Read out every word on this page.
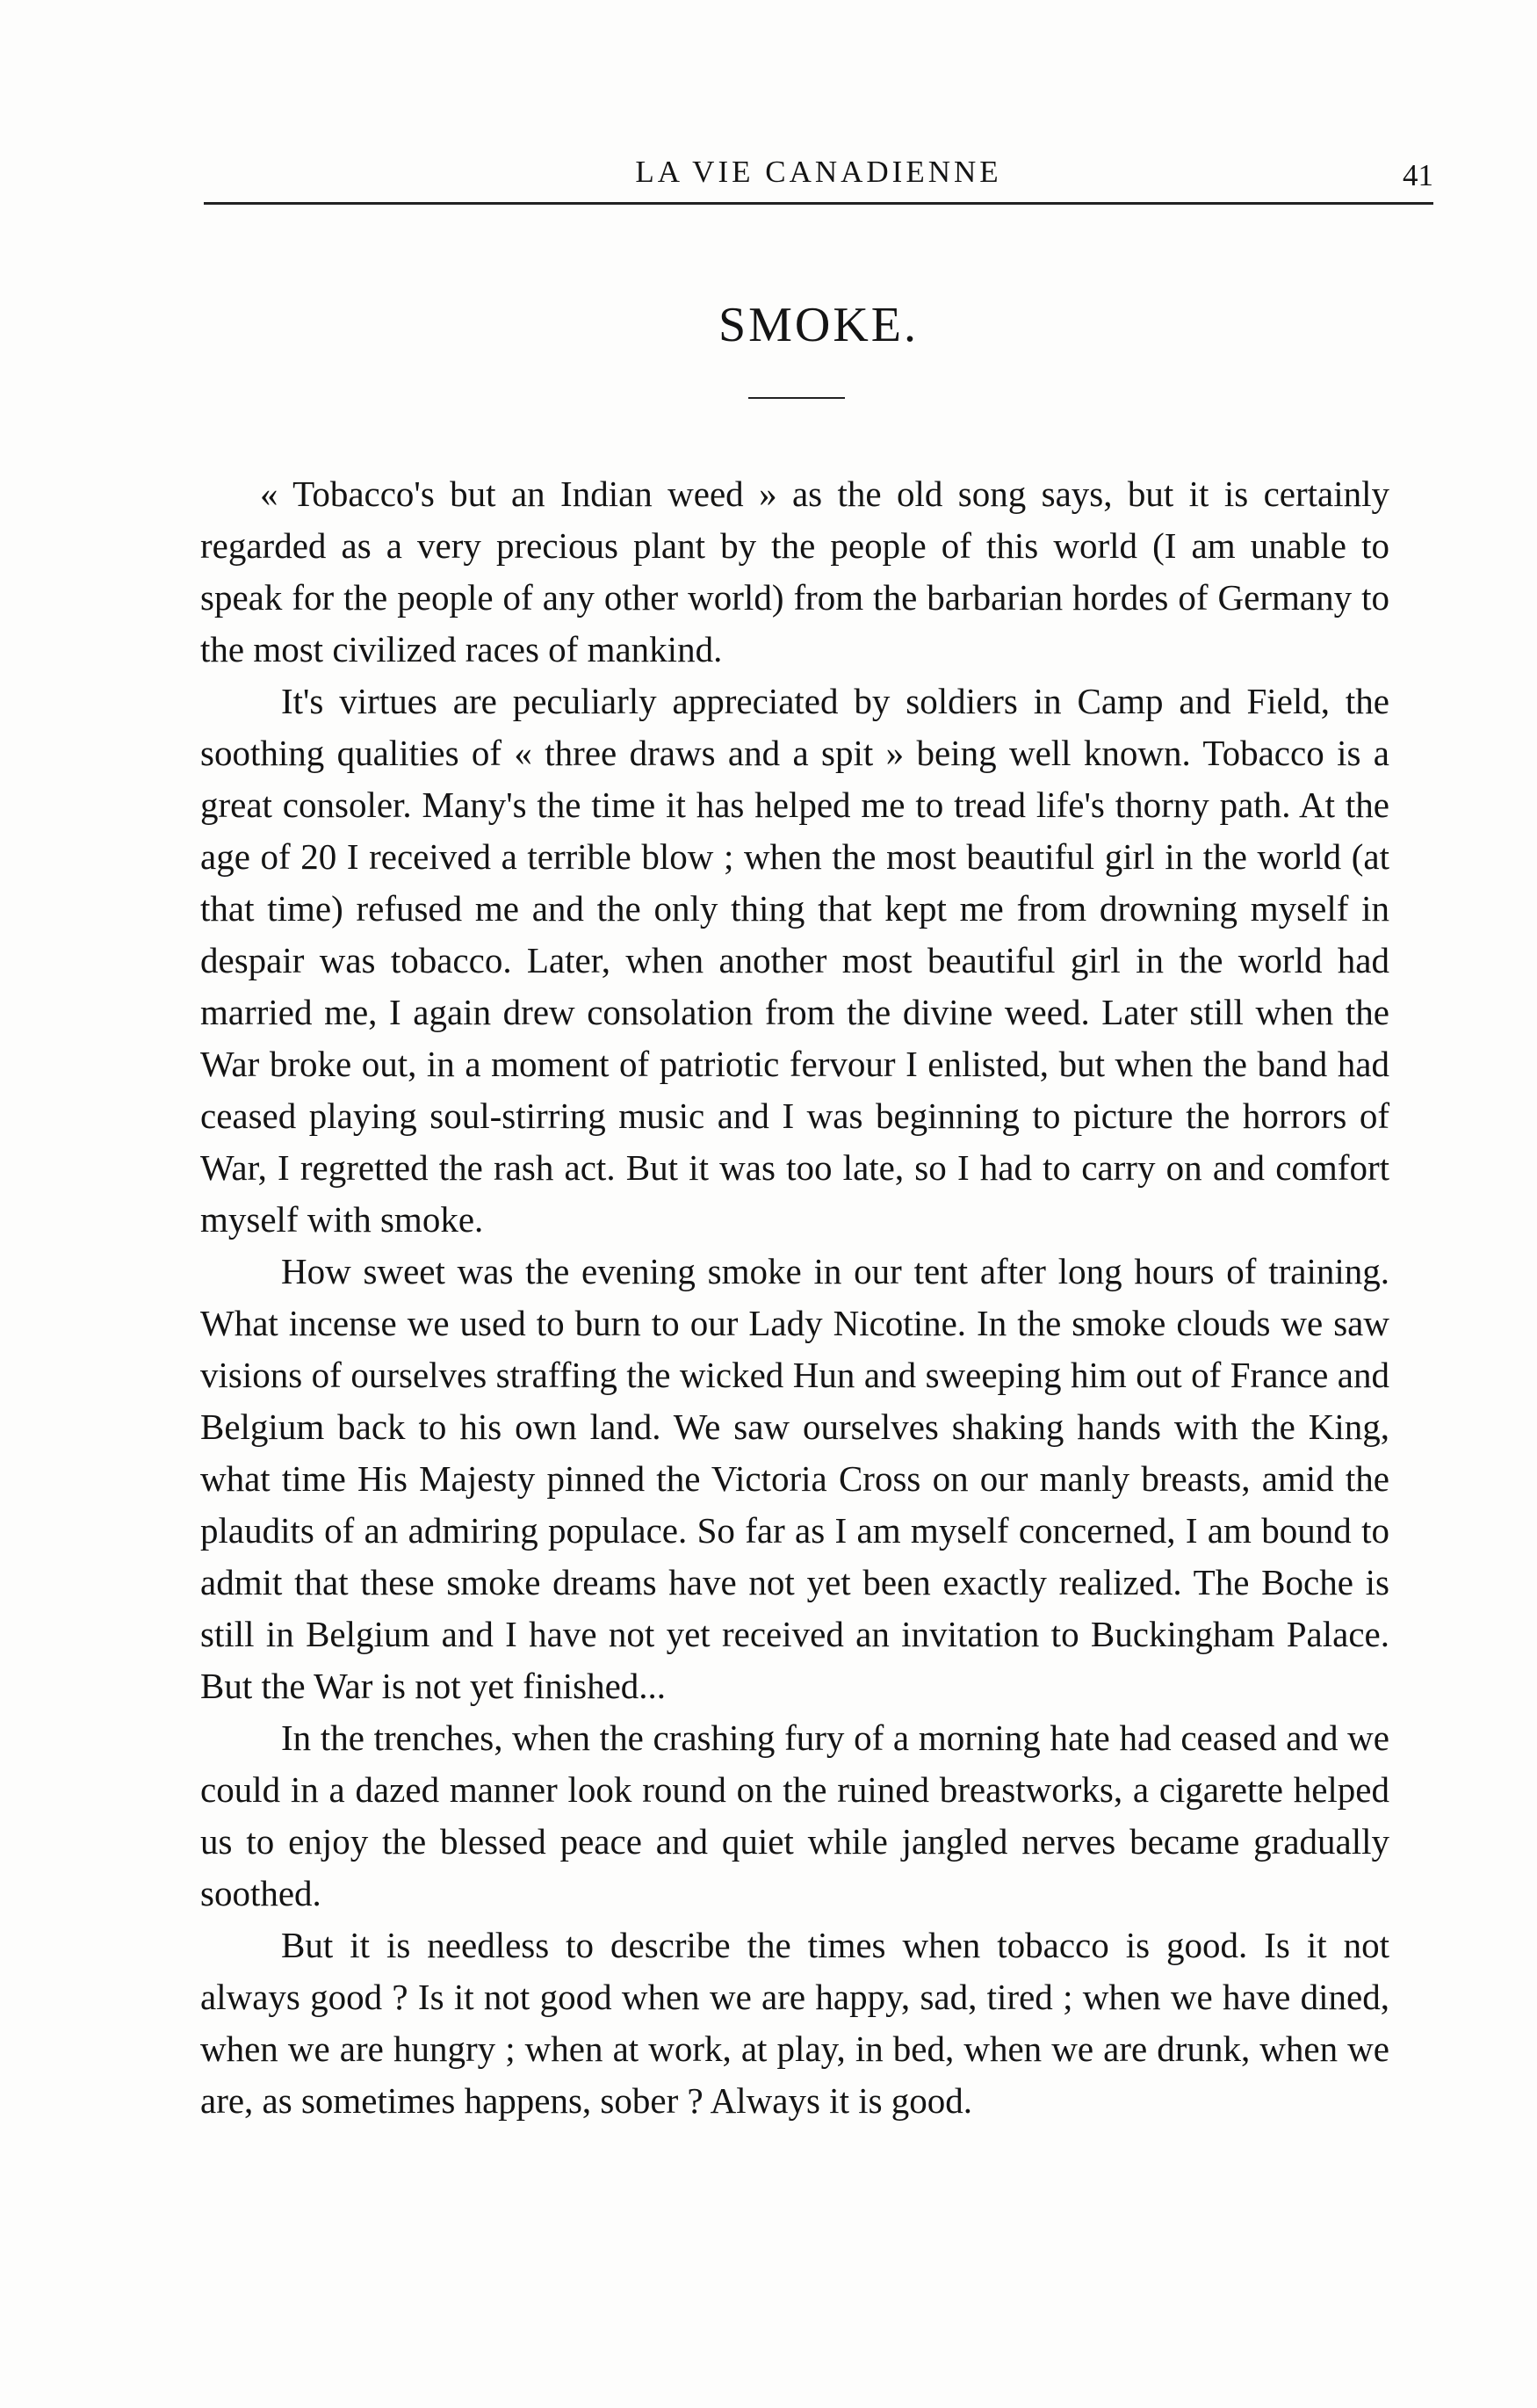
LA VIE CANADIENNE	41
SMOKE.

« Tobacco's but an Indian weed » as the old song says, but it is certainly regarded as a very precious plant by the people of this world (I am unable to speak for the people of any other world) from the barbarian hordes of Germany to the most civilized races of mankind.

It's virtues are peculiarly appreciated by soldiers in Camp and Field, the soothing qualities of « three draws and a spit » being well known. Tobacco is a great consoler. Many's the time it has helped me to tread life's thorny path. At the age of 20 I received a terrible blow ; when the most beautiful girl in the world (at that time) refused me and the only thing that kept me from drowning myself in despair was tobacco. Later, when another most beautiful girl in the world had married me, I again drew consolation from the divine weed. Later still when the War broke out, in a moment of patriotic fervour I enlisted, but when the band had ceased playing soul-stirring music and I was beginning to picture the horrors of War, I regretted the rash act. But it was too late, so I had to carry on and comfort myself with smoke.

How sweet was the evening smoke in our tent after long hours of training. What incense we used to burn to our Lady Nicotine. In the smoke clouds we saw visions of ourselves straffing the wicked Hun and sweeping him out of France and Belgium back to his own land. We saw ourselves shaking hands with the King, what time His Majesty pinned the Victoria Cross on our manly breasts, amid the plaudits of an admiring populace. So far as I am myself concerned, I am bound to admit that these smoke dreams have not yet been exactly realized. The Boche is still in Belgium and I have not yet received an invitation to Buckingham Palace. But the War is not yet finished...

In the trenches, when the crashing fury of a morning hate had ceased and we could in a dazed manner look round on the ruined breastworks, a cigarette helped us to enjoy the blessed peace and quiet while jangled nerves became gradually soothed.

But it is needless to describe the times when tobacco is good. Is it not always good ? Is it not good when we are happy, sad, tired ; when we have dined, when we are hungry ; when at work, at play, in bed, when we are drunk, when we are, as sometimes happens, sober ? Always it is good.
